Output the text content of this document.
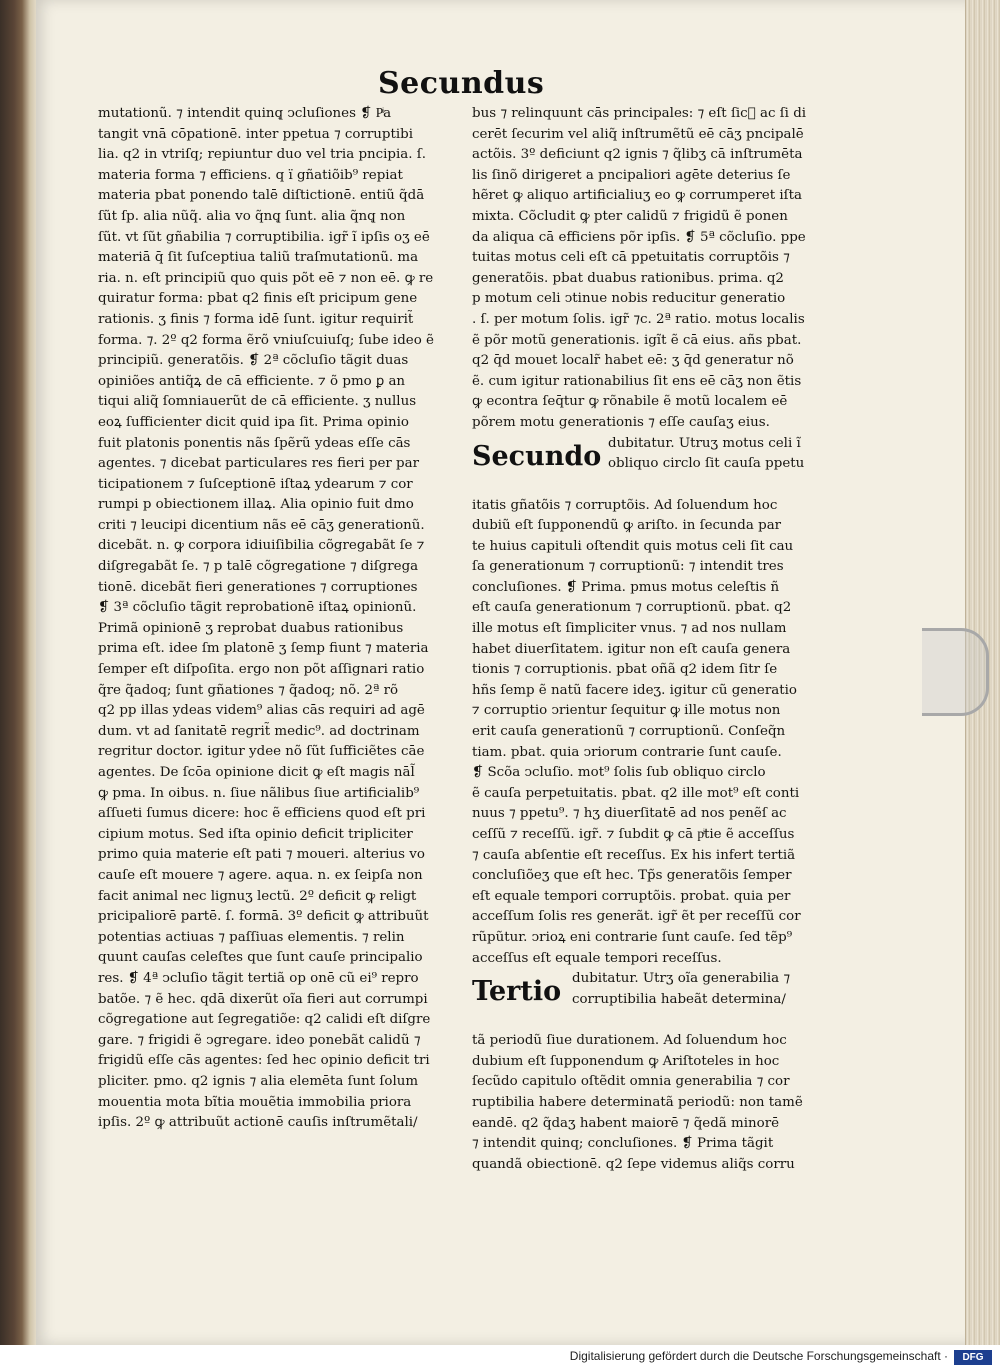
Secundus
mutationũ. ⁊ intendit quinq̨ ↄcluſiones ❡ Pͥa
tangit vnā cōpationē. inter ppetua ⁊ corruptibi
lia. q2 in vtriſq; repiuntur duo vel tria pncipia. ſ.
materia forma ⁊ efficiens. q ï gñatiõib⁹ repiat
materia pbat ponendo talē diſtictionē. entiũ q̃dā
ſũt ſp. alia nũq̃. alia vo q̃nq̨ ſunt. alia q̃nq̨ non
ſũt. vt ſũt gñabilia ⁊ corruptibilia. igr̃ ĩ ipſis oʒ eē
materiā q̄ ſit ſuſceptiua taliũ traſmutationũ. ma
ria. n. eſt principiũ quo quis põt eē ⁊ non eē. ꝙ re
quiratur forma: pbat q2 finis eſt pricipum gene
rationis. ʒ finis ⁊ forma idē ſunt. igitur requirit̃
forma. ⁊. 2º q2 forma ẽrõ vniuſcuiuſq; ſube ideo ẽ
principiũ. generatõis. ❡ 2ª cõcluſio tãgit duas
opiniões antiq̃ꝝ de cā efficiente. ⁊ õ pmo ꝑ an
tiqui aliq̃ ſomniauerũt de cā efficiente. ʒ nullus
eoꝝ ſufficienter dicit quid ipa ſit. Prima opinio
fuit platonis ponentis nãs ſpẽrũ ydeas eſſe cās
agentes. ⁊ dicebat particulares res fieri per par
ticipationem ⁊ ſuſceptionē iſtaꝝ ydearum ⁊ cor
rumpi p obiectionem illaꝝ. Alia opinio fuit dmo
criti ⁊ leucipi dicentium nãs eē cāʒ generationũ.
dicebãt. n. ꝙ corpora idiuiſibilia cõgregabãt ſe ⁊
diſgregabãt ſe. ⁊ p talē cõgregatione ⁊ diſgrega
tionē. dicebãt fieri generationes ⁊ corruptiones
❡ 3ª cõcluſio tãgit reprobationē iſtaꝝ opinionũ.
Primã opinionē ʒ reprobat duabus rationibus
prima eſt. idee ſm platonē ʒ ſemp fiunt ⁊ materia
ſemper eſt diſpoſita. ergo non põt aſſignari ratio
q̃re q̃adoq; ſunt gñationes ⁊ q̃adoq; nõ. 2ª rõ
q2 pp illas ydeas videm⁹ alias cās requiri ad agē
dum. vt ad ſanitatē regrit̃ medic⁹. ad doctrinam
regritur doctor. igitur ydee nõ ſũt ſufficiẽtes cāe
agentes. De ſcōa opinione dicit ꝙ eſt magis nāl̃
ꝙ pma. In oibus. n. ſiue nãlibus ſiue artificialib⁹
aſſueti ſumus dicere: hoc ẽ efficiens quod eſt pri
cipium motus. Sed iſta opinio deficit tripliciter
primo quia materie eſt pati ⁊ moueri. alterius vo
cauſe eſt mouere ⁊ agere. aqua. n. ex ſeipſa non
facit animal nec lignuʒ lectũ. 2º deficit ꝙ religt
pricipaliorē partē. ſ. formā. 3º deficit ꝙ attribuũt
potentias actiuas ⁊ paſſiuas elementis. ⁊ relin
quunt cauſas celeſtes que ſunt cauſe principalio
res. ❡ 4ª ↄcluſio tãgit tertiã op onē cũ ei⁹ repro
batõe. ⁊ ẽ hec. qdā dixerũt oĩa fieri aut corrumpi
cõgregatione aut ſegregatiõe: q2 calidi eſt diſgre
gare. ⁊ frigidi ẽ ↄgregare. ideo ponebãt calidũ ⁊
frigidũ eſſe cās agentes: ſed hec opinio deficit tri
pliciter. pmo. q2 ignis ⁊ alia elemēta ſunt ſolum
mouentia mota bĩtia mouẽtia immobilia priora
ipſis. 2º ꝙ attribuũt actionē cauſis inſtrumẽtali/
bus ⁊ relinquunt cās principales: ⁊ eſt ſicᷓ ac ſi di
cerēt ſecurim vel aliq̃ inſtrumẽtũ eē cāʒ pncipalē
actõis. 3º deficiunt q2 ignis ⁊ q̃libʒ cā inſtrumēta
lis ſinõ dirigeret a pncipaliori agēte deterius ſe
hẽret ꝙ aliquo artificialiuʒ eo ꝙ corrumperet iſta
mixta. Cõcludit ꝙ pter calidũ ⁊ frigidũ ẽ ponen
da aliqua cā efficiens põr ipſis. ❡ 5ª cõcluſio. ppe
tuitas motus celi eſt cā ppetuitatis corruptõis ⁊
generatõis. pbat duabus rationibus. prima. q2
p motum celi ↄtinue nobis reducitur generatio
. ſ. per motum ſolis. igr̃ ⁊c. 2ª ratio. motus localis
ẽ põr motũ generationis. igĩt ẽ cā eius. añs pbat.
q2 q̄d mouet localr̃ habet eē: ʒ q̄d generatur nõ
ẽ. cum igitur rationabilius ſit ens eē cāʒ non ẽtis
ꝙ econtra ſeq̄tur ꝙ rõnabile ẽ motũ localem eē
põrem motu generationis ⁊ eſſe cauſaʒ eius.
Secundo dubitatur. Utruʒ motus celi ĩ
obliquo circlo ſit cauſa ppetu
itatis gñatõis ⁊ corruptõis. Ad ſoluendum hoc
dubiũ eſt ſupponendũ ꝙ ariſto. in ſecunda par
te huius capituli oſtendit quis motus celi ſit cau
ſa generationum ⁊ corruptionũ: ⁊ intendit tres
concluſiones. ❡ Prima. pmus motus celeſtis ñ
eſt cauſa generationum ⁊ corruptionũ. pbat. q2
ille motus eſt ſimpliciter vnus. ⁊ ad nos nullam
habet diuerſitatem. igitur non eſt cauſa genera
tionis ⁊ corruptionis. pbat oñã q2 idem ſitr ſe
hñs ſemp ẽ natũ facere ideʒ. igitur cũ generatio
⁊ corruptio ↄrientur ſequitur ꝙ ille motus non
erit cauſa generationũ ⁊ corruptionũ. Conſeq̃n
tiam. pbat. quia ↄriorum contrarie ſunt cauſe.
❡ Scõa ↄcluſio. mot⁹ ſolis ſub obliquo circlo
ẽ cauſa perpetuitatis. pbat. q2 ille mot⁹ eſt conti
nuus ⁊ ppetu⁹. ⁊ hʒ diuerſitatē ad nos penẽſ ac
ceſſũ ⁊ receſſũ. igr̃. ⁊ ſubdit ꝙ cā pͥtie ẽ acceſſus
⁊ cauſa abſentie eſt receſſus. Ex his infert tertiã
concluſiõeʒ que eſt hec. Tp̃s generatõis ſemper
eſt equale tempori corruptõis. probat. quia per
acceſſum ſolis res generãt. igr̃ ẽt per receſſũ cor
rũpũtur. ↄrioꝝ eni contrarie ſunt cauſe. ſed tẽp⁹
acceſſus eſt equale tempori receſſus.
Tertio dubitatur. Utrʒ oĩa generabilia ⁊
corruptibilia habeãt determina/
tã periodũ ſiue durationem. Ad ſoluendum hoc
dubium eſt ſupponendum ꝙ Ariſtoteles in hoc
ſecũdo capitulo oſtẽdit omnia generabilia ⁊ cor
ruptibilia habere determinatã periodũ: non tamẽ
eandē. q2 q̃daʒ habent maiorē ⁊ q̃edã minorē
⁊ intendit quinq; concluſiones. ❡ Prima tãgit
quandã obiectionē. q2 ſepe videmus aliq̃s corru
Digitalisierung gefördert durch die Deutsche Forschungsgemeinschaft ·	DFG
